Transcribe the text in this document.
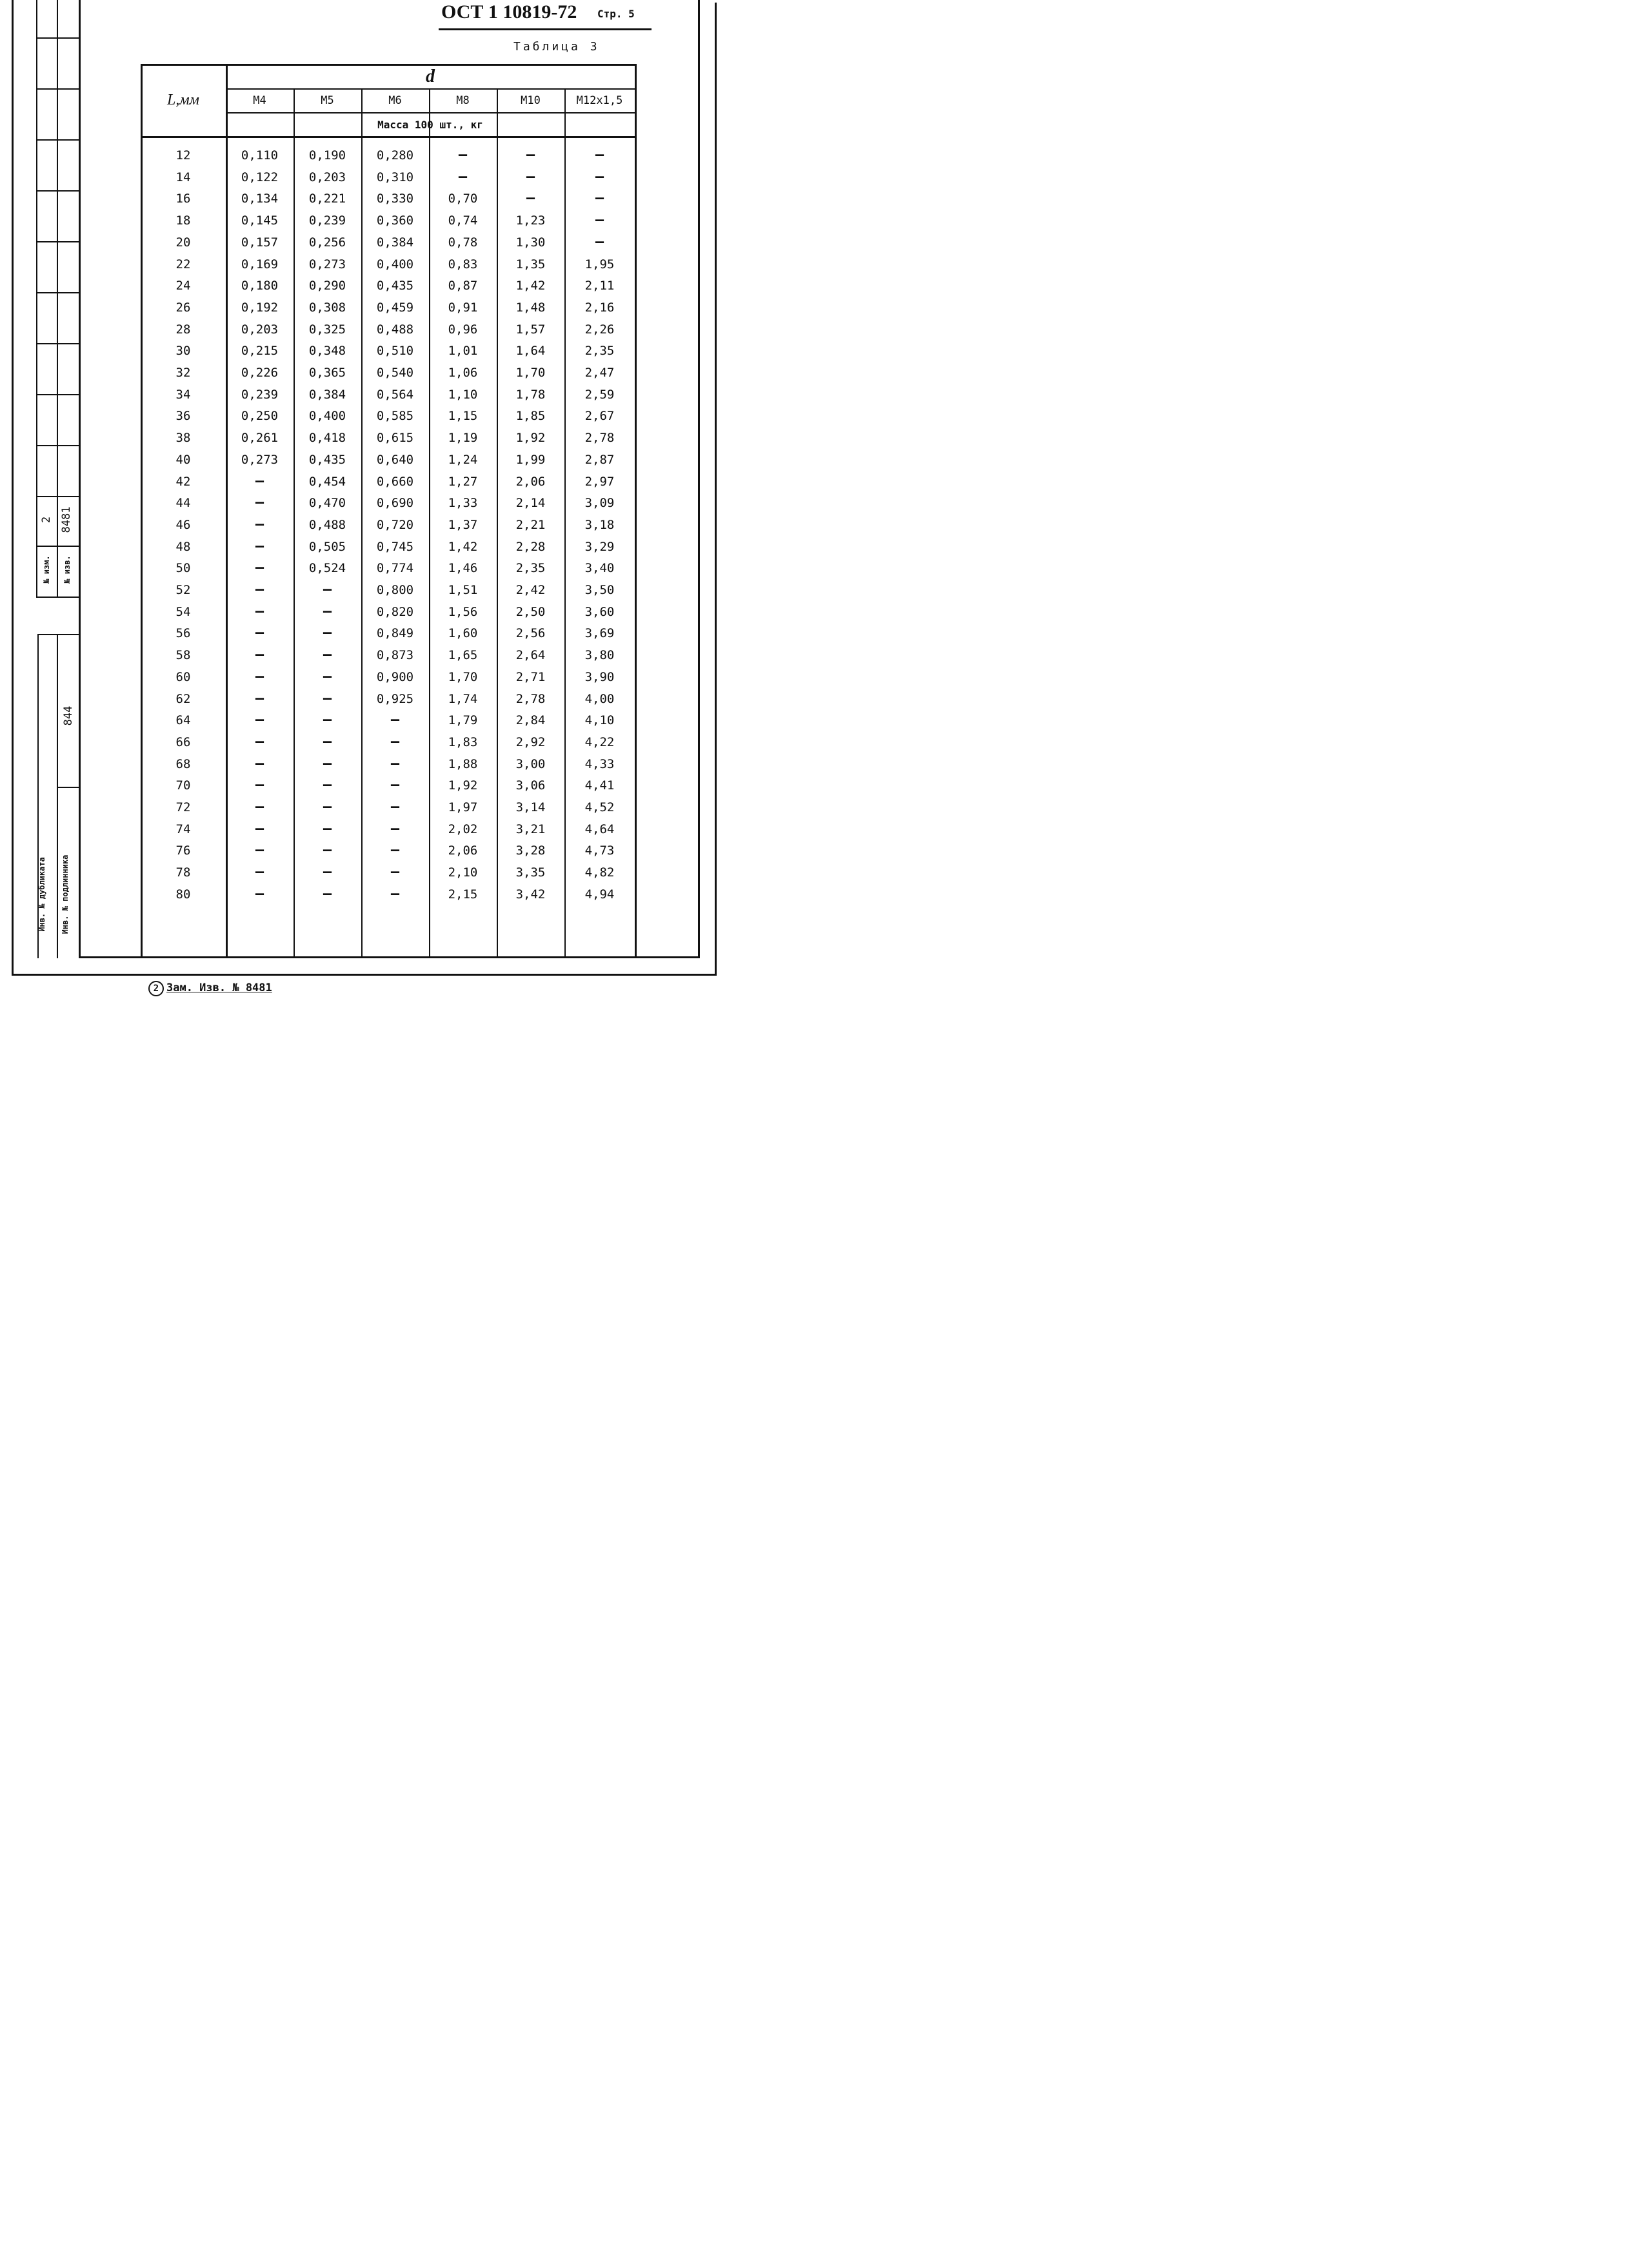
2 8481
№ изм. № изв.
844
Инв. № дубликата Инв. № подлинника
ОСТ 1 10819-72 Стр. 5
Таблица 3
d
L,мм	М4	М5	М6	М8	М10	М12х1,5
Масса 100 шт., кг
12	0,110	0,190	0,280	–	–	–
14	0,122	0,203	0,310	–	–	–
16	0,134	0,221	0,330	0,70	–	–
18	0,145	0,239	0,360	0,74	1,23	–
20	0,157	0,256	0,384	0,78	1,30	–
22	0,169	0,273	0,400	0,83	1,35	1,95
24	0,180	0,290	0,435	0,87	1,42	2,11
26	0,192	0,308	0,459	0,91	1,48	2,16
28	0,203	0,325	0,488	0,96	1,57	2,26
30	0,215	0,348	0,510	1,01	1,64	2,35
32	0,226	0,365	0,540	1,06	1,70	2,47
34	0,239	0,384	0,564	1,10	1,78	2,59
36	0,250	0,400	0,585	1,15	1,85	2,67
38	0,261	0,418	0,615	1,19	1,92	2,78
40	0,273	0,435	0,640	1,24	1,99	2,87
42	–	0,454	0,660	1,27	2,06	2,97
44	–	0,470	0,690	1,33	2,14	3,09
46	–	0,488	0,720	1,37	2,21	3,18
48	–	0,505	0,745	1,42	2,28	3,29
50	–	0,524	0,774	1,46	2,35	3,40
52	–	–	0,800	1,51	2,42	3,50
54	–	–	0,820	1,56	2,50	3,60
56	–	–	0,849	1,60	2,56	3,69
58	–	–	0,873	1,65	2,64	3,80
60	–	–	0,900	1,70	2,71	3,90
62	–	–	0,925	1,74	2,78	4,00
64	–	–	–	1,79	2,84	4,10
66	–	–	–	1,83	2,92	4,22
68	–	–	–	1,88	3,00	4,33
70	–	–	–	1,92	3,06	4,41
72	–	–	–	1,97	3,14	4,52
74	–	–	–	2,02	3,21	4,64
76	–	–	–	2,06	3,28	4,73
78	–	–	–	2,10	3,35	4,82
80	–	–	–	2,15	3,42	4,94
2 Зам. Изв. № 8481
